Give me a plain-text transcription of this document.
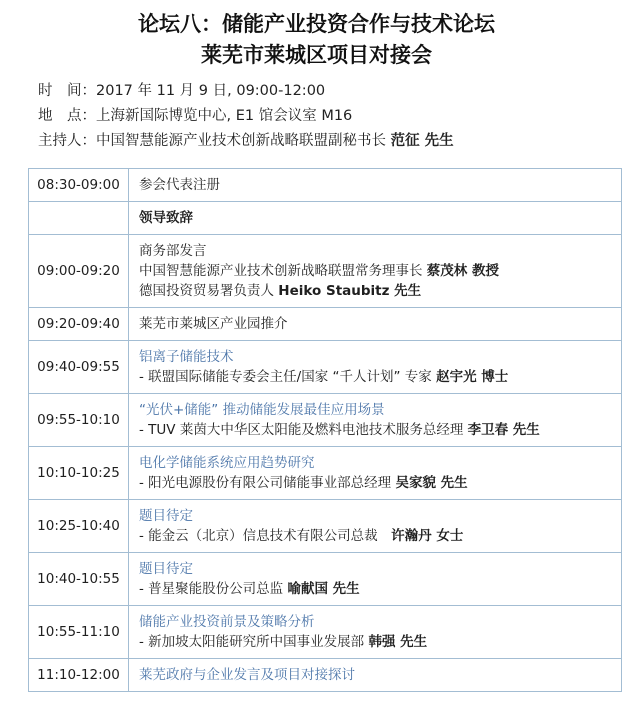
论坛八：储能产业投资合作与技术论坛
莱芜市莱城区项目对接会
时　间：2017 年 11 月 9 日, 09:00-12:00
地　点：上海新国际博览中心, E1 馆会议室 M16
主持人：中国智慧能源产业技术创新战略联盟副秘书长 范征 先生
08:30-09:00	参会代表注册

	领导致辞

09:00-09:20	商务部发言
中国智慧能源产业技术创新战略联盟常务理事长 蔡茂林 教授
德国投资贸易署负责人 Heiko Staubitz 先生

09:20-09:40	莱芜市莱城区产业园推介

09:40-09:55	铝离子储能技术
- 联盟国际储能专委会主任/国家 “千人计划” 专家 赵宇光 博士

09:55-10:10	“光伏+储能” 推动储能发展最佳应用场景
- TUV 莱茵大中华区太阳能及燃料电池技术服务总经理 李卫春 先生

10:10-10:25	电化学储能系统应用趋势研究
- 阳光电源股份有限公司储能事业部总经理 吴家貌 先生

10:25-10:40	题目待定
- 能金云（北京）信息技术有限公司总裁　许瀚丹 女士

10:40-10:55	题目待定
- 普星聚能股份公司总监 喻献国 先生

10:55-11:10	储能产业投资前景及策略分析
- 新加坡太阳能研究所中国事业发展部 韩强 先生

11:10-12:00	莱芜政府与企业发言及项目对接探讨
